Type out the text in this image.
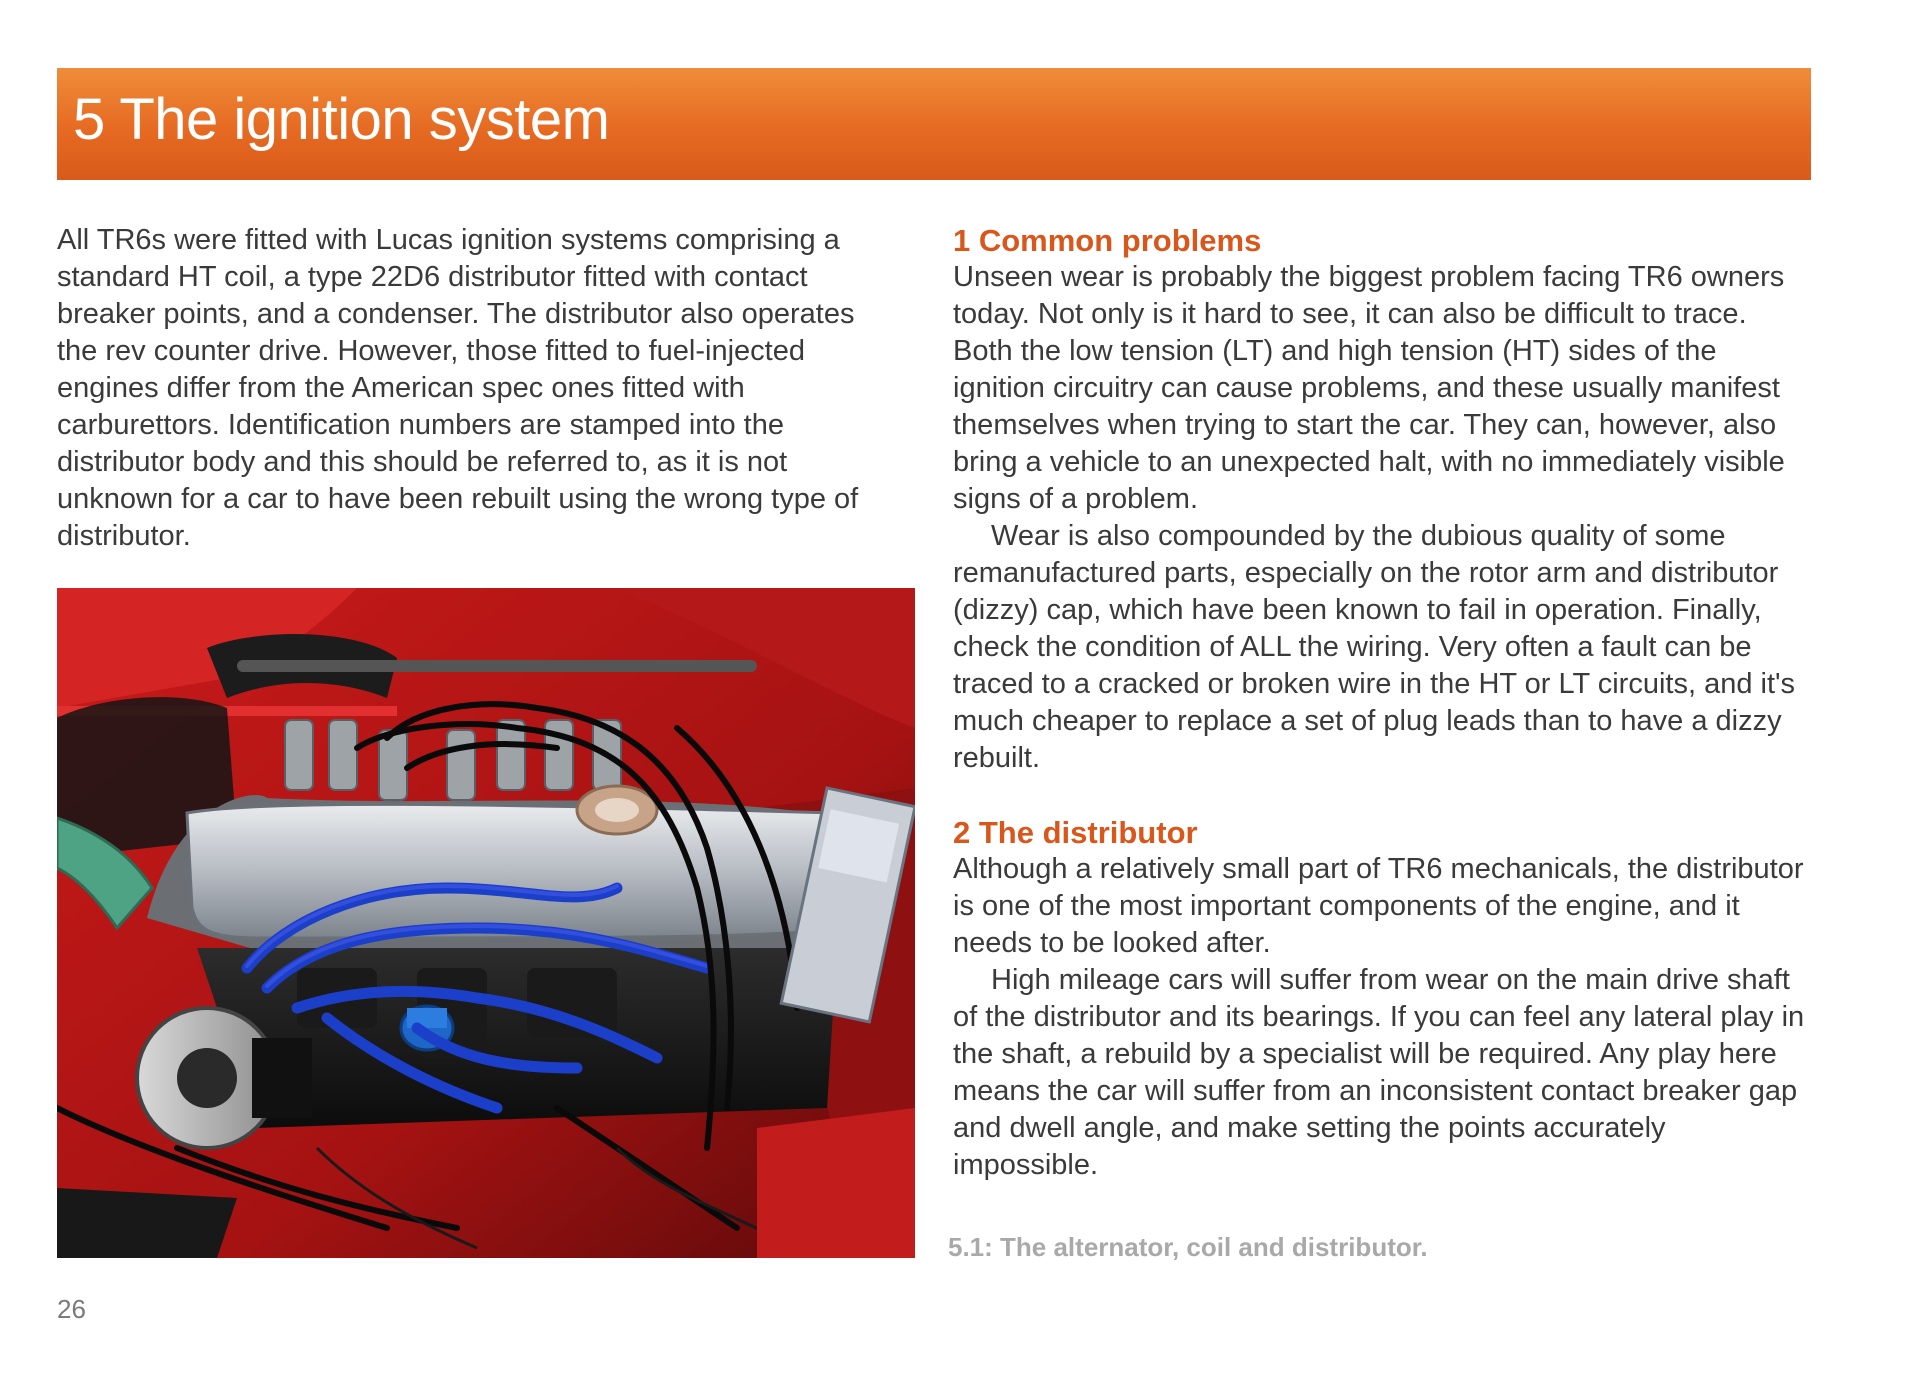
5 The ignition system

All TR6s were fitted with Lucas ignition systems comprising a standard HT coil, a type 22D6 distributor fitted with contact breaker points, and a condenser. The distributor also operates the rev counter drive. However, those fitted to fuel-injected engines differ from the American spec ones fitted with carburettors. Identification numbers are stamped into the distributor body and this should be referred to, as it is not unknown for a car to have been rebuilt using the wrong type of distributor.

1 Common problems

Unseen wear is probably the biggest problem facing TR6 owners today. Not only is it hard to see, it can also be difficult to trace. Both the low tension (LT) and high tension (HT) sides of the ignition circuitry can cause problems, and these usually manifest themselves when trying to start the car. They can, however, also bring a vehicle to an unexpected halt, with no immediately visible signs of a problem.

Wear is also compounded by the dubious quality of some remanufactured parts, especially on the rotor arm and distributor (dizzy) cap, which have been known to fail in operation. Finally, check the condition of ALL the wiring. Very often a fault can be traced to a cracked or broken wire in the HT or LT circuits, and it's much cheaper to replace a set of plug leads than to have a dizzy rebuilt.

2 The distributor

Although a relatively small part of TR6 mechanicals, the distributor is one of the most important components of the engine, and it needs to be looked after.

High mileage cars will suffer from wear on the main drive shaft of the distributor and its bearings. If you can feel any lateral play in the shaft, a rebuild by a specialist will be required. Any play here means the car will suffer from an inconsistent contact breaker gap and dwell angle, and make setting the points accurately impossible.

5.1: The alternator, coil and distributor.
26
